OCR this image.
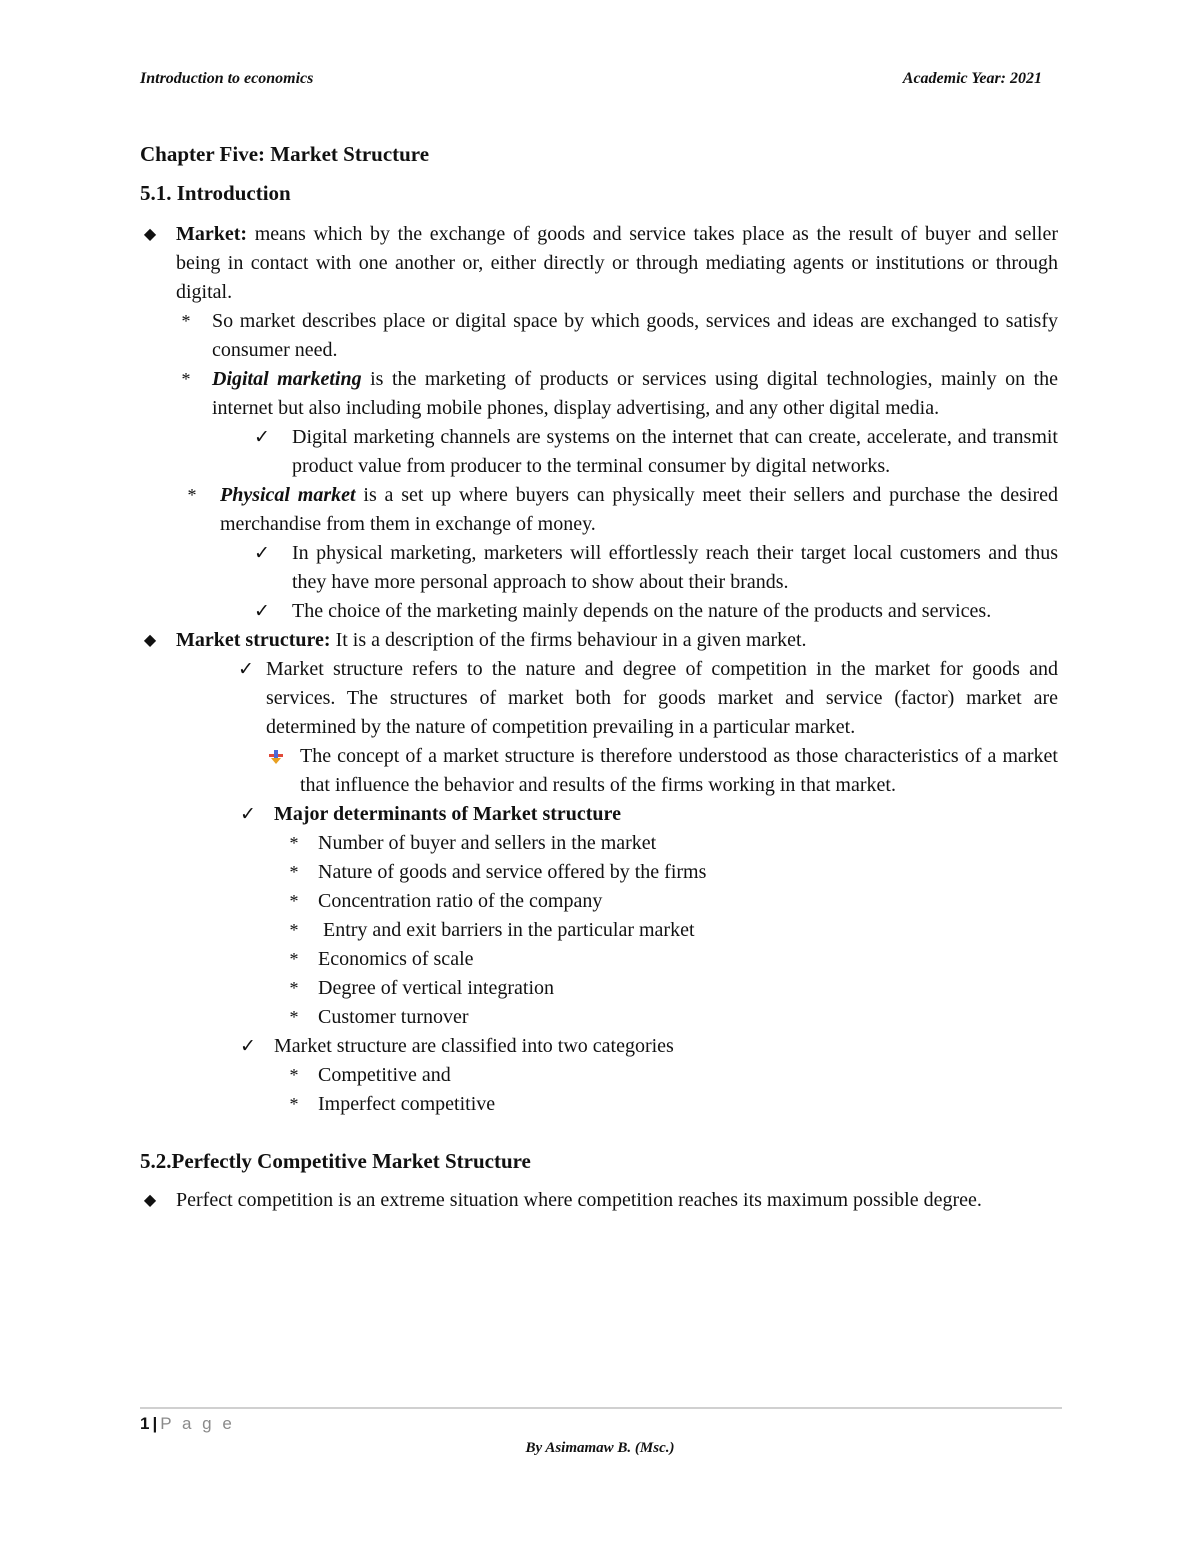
Introduction to economics	Academic Year: 2021

Chapter Five: Market Structure

5.1. Introduction

◆ Market: means which by the exchange of goods and service takes place as the result of buyer and seller being in contact with one another or, either directly or through mediating agents or institutions or through digital.
* So market describes place or digital space by which goods, services and ideas are exchanged to satisfy consumer need.
* Digital marketing is the marketing of products or services using digital technologies, mainly on the internet but also including mobile phones, display advertising, and any other digital media.
✓ Digital marketing channels are systems on the internet that can create, accelerate, and transmit product value from producer to the terminal consumer by digital networks.
* Physical market is a set up where buyers can physically meet their sellers and purchase the desired merchandise from them in exchange of money.
✓ In physical marketing, marketers will effortlessly reach their target local customers and thus they have more personal approach to show about their brands.
✓ The choice of the marketing mainly depends on the nature of the products and services.
◆ Market structure: It is a description of the firms behaviour in a given market.
✓ Market structure refers to the nature and degree of competition in the market for goods and services. The structures of market both for goods market and service (factor) market are determined by the nature of competition prevailing in a particular market.
The concept of a market structure is therefore understood as those characteristics of a market that influence the behavior and results of the firms working in that market.
✓ Major determinants of Market structure
* Number of buyer and sellers in the market
* Nature of goods and service offered by the firms
* Concentration ratio of the company
* Entry and exit barriers in the particular market
* Economics of scale
* Degree of vertical integration
* Customer turnover
✓ Market structure are classified into two categories
* Competitive and
* Imperfect competitive

5.2.Perfectly Competitive Market Structure

◆ Perfect competition is an extreme situation where competition reaches its maximum possible degree.
1 | P a g e
By Asimamaw B. (Msc.)
